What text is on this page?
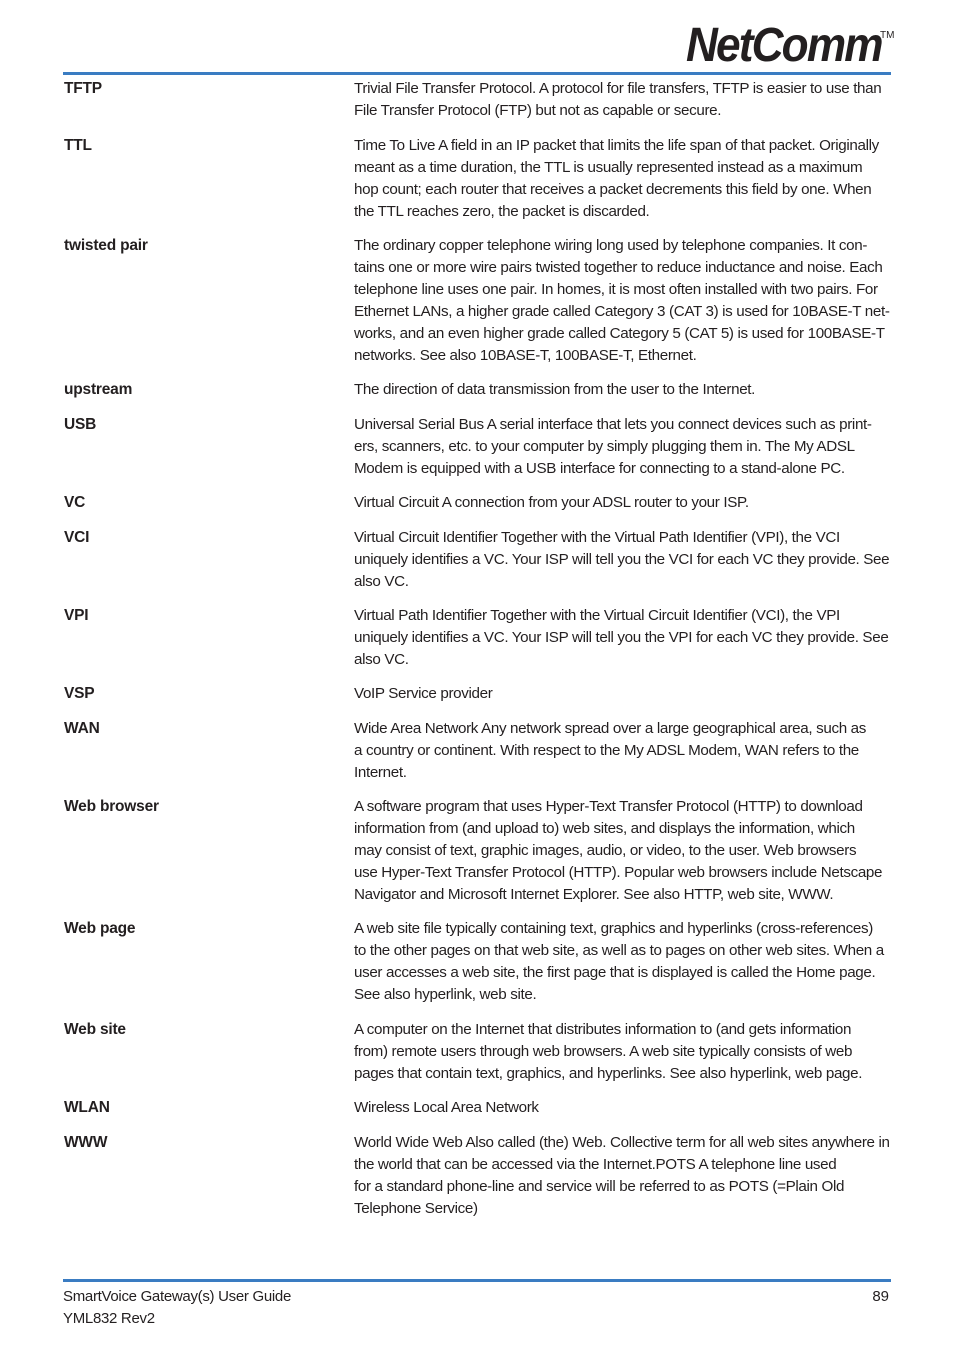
NetComm
TM
TFTP	Trivial File Transfer Protocol. A protocol for file transfers, TFTP is easier to use than
File Transfer Protocol (FTP) but not as capable or secure.
TTL	Time To Live A field in an IP packet that limits the life span of that packet. Originally
meant as a time duration, the TTL is usually represented instead as a maximum
hop count; each router that receives a packet decrements this field by one. When
the TTL reaches zero, the packet is discarded.
twisted pair	The ordinary copper telephone wiring long used by telephone companies. It con-
tains one or more wire pairs twisted together to reduce inductance and noise. Each
telephone line uses one pair. In homes, it is most often installed with two pairs. For
Ethernet LANs, a higher grade called Category 3 (CAT 3) is used for 10BASE-T net-
works, and an even higher grade called Category 5 (CAT 5) is used for 100BASE-T
networks. See also 10BASE-T, 100BASE-T, Ethernet.
upstream	The direction of data transmission from the user to the Internet.
USB	Universal Serial Bus A serial interface that lets you connect devices such as print-
ers, scanners, etc. to your computer by simply plugging them in. The My ADSL
Modem is equipped with a USB interface for connecting to a stand-alone PC.
VC	Virtual Circuit A connection from your ADSL router to your ISP.
VCI	Virtual Circuit Identifier Together with the Virtual Path Identifier (VPI), the VCI
uniquely identifies a VC. Your ISP will tell you the VCI for each VC they provide. See
also VC.
VPI	Virtual Path Identifier Together with the Virtual Circuit Identifier (VCI), the VPI
uniquely identifies a VC. Your ISP will tell you the VPI for each VC they provide. See
also VC.
VSP	VoIP Service provider
WAN	Wide Area Network Any network spread over a large geographical area, such as
a country or continent. With respect to the My ADSL Modem, WAN refers to the
Internet.
Web browser	A software program that uses Hyper-Text Transfer Protocol (HTTP) to download
information from (and upload to) web sites, and displays the information, which
may consist of text, graphic images, audio, or video, to the user. Web browsers
use Hyper-Text Transfer Protocol (HTTP). Popular web browsers include Netscape
Navigator and Microsoft Internet Explorer. See also HTTP, web site, WWW.
Web page	A web site file typically containing text, graphics and hyperlinks (cross-references)
to the other pages on that web site, as well as to pages on other web sites. When a
user accesses a web site, the first page that is displayed is called the Home page.
See also hyperlink, web site.
Web site	A computer on the Internet that distributes information to (and gets information
from) remote users through web browsers. A web site typically consists of web
pages that contain text, graphics, and hyperlinks. See also hyperlink, web page.
WLAN	Wireless Local Area Network
WWW	World Wide Web Also called (the) Web. Collective term for all web sites anywhere in
the world that can be accessed via the Internet.POTS A telephone line used
for a standard phone-line and service will be referred to as POTS (=Plain Old
Telephone Service)
SmartVoice Gateway(s) User Guide
YML832 Rev2
89
